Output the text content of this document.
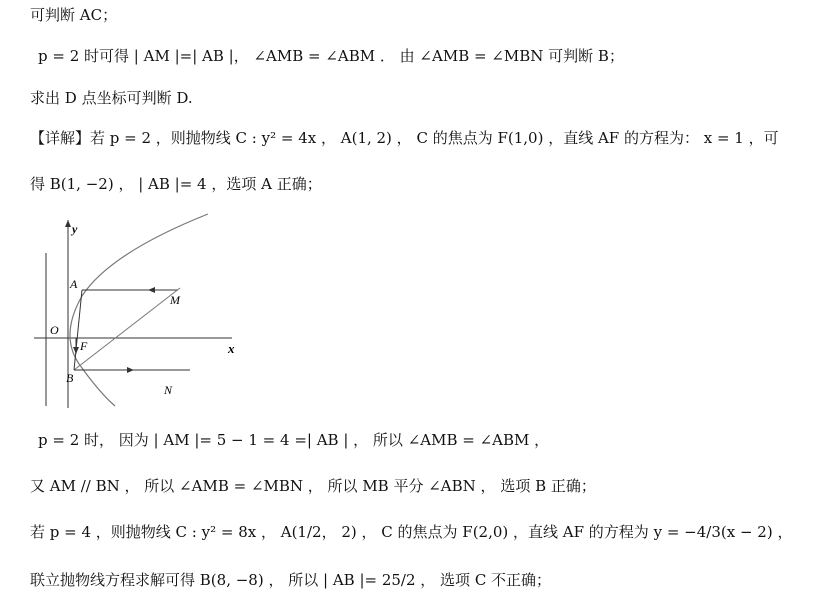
可判断 AC；
p = 2 时可得 | AM |=| AB |， ∠AMB = ∠ABM ． 由 ∠AMB = ∠MBN 可判断 B；
求出 D 点坐标可判断 D.
【详解】若 p = 2 ，则抛物线 C : y² = 4x ， A(1, 2) ， C 的焦点为 F(1,0) ，直线 AF 的方程为： x = 1 ，可
得 B(1, −2) ， | AB |= 4 ，选项 A 正确；
p = 2 时， 因为 | AM |= 5 − 1 = 4 =| AB | ， 所以 ∠AMB = ∠ABM ，
又 AM // BN ， 所以 ∠AMB = ∠MBN ， 所以 MB 平分 ∠ABN ， 选项 B 正确；
若 p = 4 ，则抛物线 C : y² = 8x ， A(1/2， 2) ， C 的焦点为 F(2,0) ，直线 AF 的方程为 y = −4/3(x − 2) ，
联立抛物线方程求解可得 B(8, −8) ， 所以 | AB |= 25/2 ， 选项 C 不正确；
y
x
O
A
M
F
B
N
